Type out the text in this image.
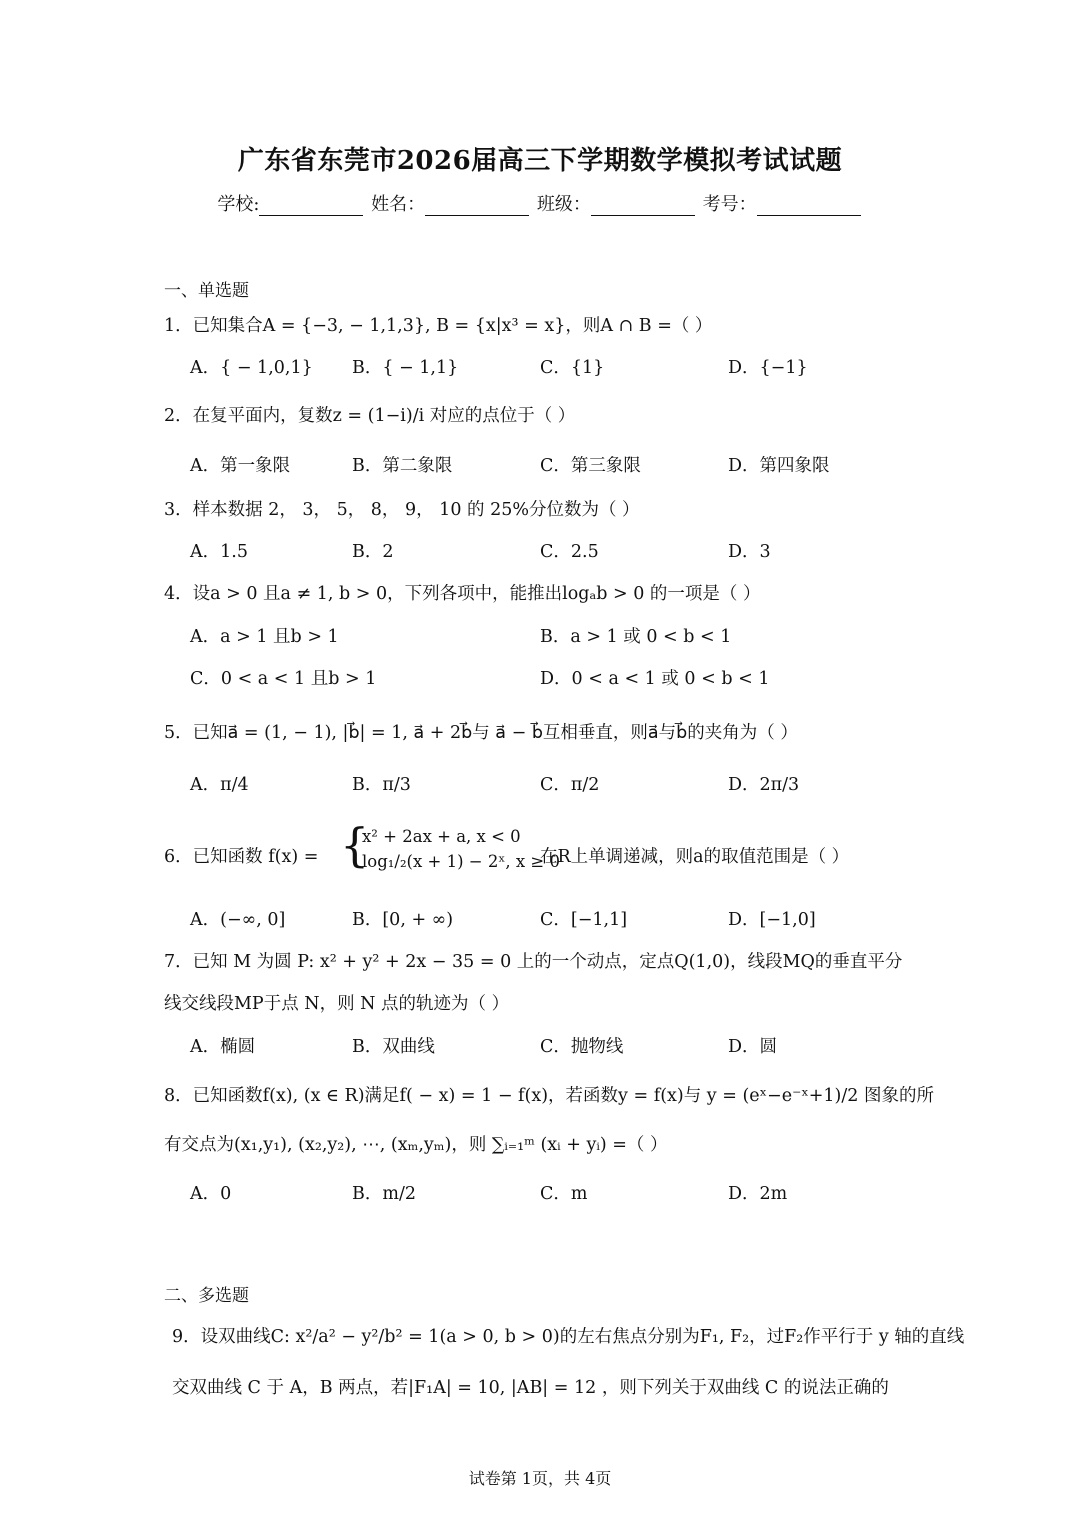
广东省东莞市2026届高三下学期数学模拟考试试题
学校:	姓名：	班级：	考号：
一、单选题
1．已知集合A = {−3, − 1,1,3}, B = {x|x³ = x}，则A ∩ B =（ ）
A．{ − 1,0,1} B．{ − 1,1}	C．{1}	D．{−1}
2．在复平面内，复数z = (1−i)/i 对应的点位于（ ）
A．第一象限	B．第二象限	C．第三象限	D．第四象限
3．样本数据 2， 3， 5， 8， 9， 10 的 25%分位数为（ ）
A．1.5	B．2	C．2.5	D．3
4．设a > 0 且a ≠ 1, b > 0，下列各项中，能推出logₐb > 0 的一项是（ ）
A．a > 1 且b > 1	B．a > 1 或 0 < b < 1
C．0 < a < 1 且b > 1	D．0 < a < 1 或 0 < b < 1
5．已知a⃗ = (1, − 1), |b⃗| = 1, a⃗ + 2b⃗与 a⃗ − b⃗互相垂直，则a⃗与b⃗的夹角为（ ）
A．π/4	B．π/3	C．π/2	D．2π/3
6．已知函数 f(x) = {
x² + 2ax + a, x < 0
log₁/₂(x + 1) − 2ˣ, x ≥ 0
在R上单调递减，则a的取值范围是（ ）
A．(−∞, 0]	B．[0, + ∞)	C．[−1,1]	D．[−1,0]
7．已知 M 为圆 P: x² + y² + 2x − 35 = 0 上的一个动点，定点Q(1,0)，线段MQ的垂直平分
线交线段MP于点 N，则 N 点的轨迹为（ ）
A．椭圆	B．双曲线	C．抛物线	D．圆
8．已知函数f(x), (x ∈ R)满足f( − x) = 1 − f(x)，若函数y = f(x)与 y = (eˣ−e⁻ˣ+1)/2 图象的所
有交点为(x₁,y₁), (x₂,y₂), ⋯, (xₘ,yₘ)，则 ∑ᵢ₌₁ᵐ (xᵢ + yᵢ) =（ ）
A．0	B．m/2	C．m	D．2m
二、多选题
9．设双曲线C: x²/a² − y²/b² = 1(a > 0, b > 0)的左右焦点分别为F₁, F₂，过F₂作平行于 y 轴的直线
交双曲线 C 于 A，B 两点，若|F₁A| = 10, |AB| = 12 ，则下列关于双曲线 C 的说法正确的
试卷第 1页，共 4页
